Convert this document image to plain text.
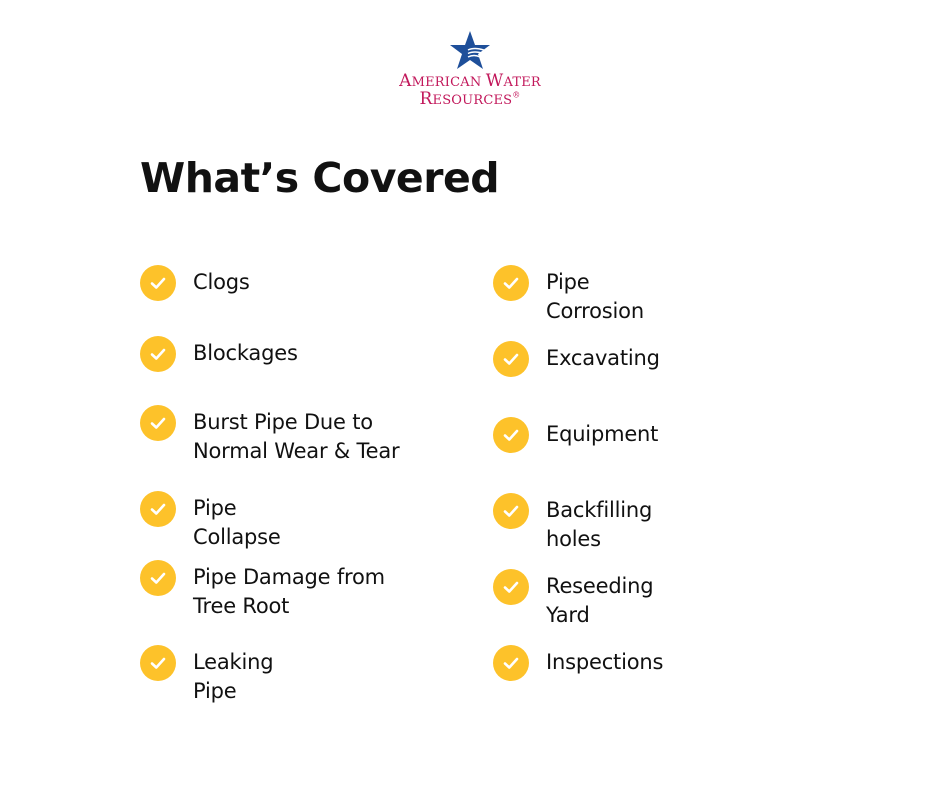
AMERICAN WATER
RESOURCES®
What’s Covered
Clogs
Blockages
Burst Pipe Due to Normal Wear & Tear
Pipe Collapse
Pipe Damage from Tree Root
Leaking Pipe
Pipe Corrosion
Excavating
Equipment
Backfilling holes
Reseeding Yard
Inspections
